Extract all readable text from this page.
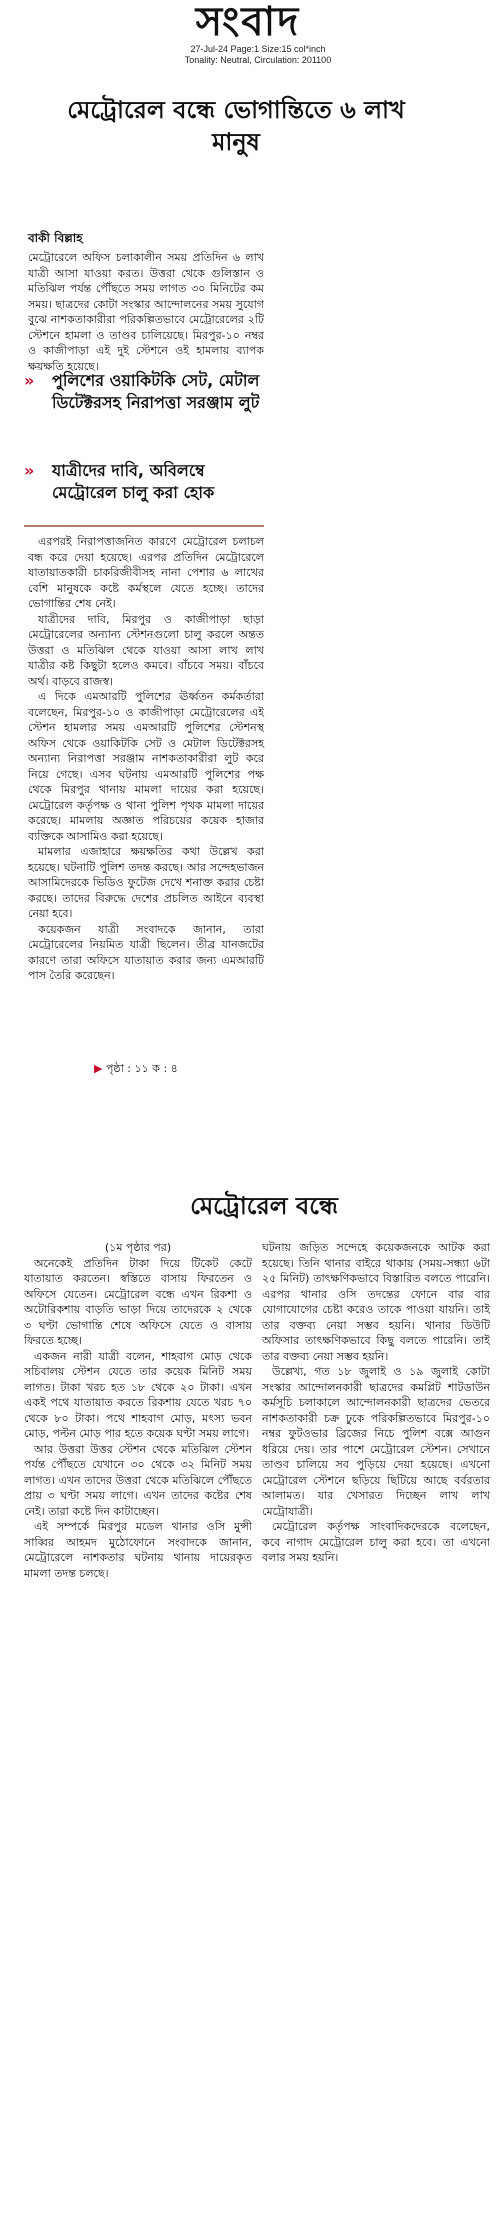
সংবাদ
27-Jul-24 Page:1 Size:15 col*inch
Tonality: Neutral, Circulation: 201100
মেট্রোরেল বন্ধে ভোগান্তিতে ৬ লাখ মানুষ
বাকী বিল্লাহ

মেট্রোরেলে অফিস চলাকালীন সময় প্রতিদিন ৬ লাখ যাত্রী আসা যাওয়া করত। উত্তরা থেকে গুলিস্তান ও মতিঝিল পর্যন্ত পৌঁছতে সময় লাগত ৩০ মিনিটের কম সময়। ছাত্রদের কোটা সংস্কার আন্দোলনের সময় সুযোগ বুঝে নাশকতাকারীরা পরিকল্পিতভাবে মেট্রোরেলের ২টি স্টেশনে হামলা ও তাণ্ডব চালিয়েছে। মিরপুর-১০ নম্বর ও কাজীপাড়া এই দুই স্টেশনে ওই হামলায় ব্যাপক ক্ষয়ক্ষতি হয়েছে।

» পুলিশের ওয়াকিটকি সেট, মেটাল ডিটেক্টরসহ নিরাপত্তা সরঞ্জাম লুট
» যাত্রীদের দাবি, অবিলম্বে মেট্রোরেল চালু করা হোক

এরপরই নিরাপত্তাজনিত কারণে মেট্রোরেল চলাচল বন্ধ করে দেয়া হয়েছে। এরপর প্রতিদিন মেট্রোরেলে যাতায়াতকারী চাকরিজীবীসহ নানা পেশার ৬ লাখের বেশি মানুষকে কষ্টে কর্মস্থলে যেতে হচ্ছে। তাদের ভোগান্তির শেষ নেই।

যাত্রীদের দাবি, মিরপুর ও কাজীপাড়া ছাড়া মেট্রোরেলের অন্যান্য স্টেশনগুলো চালু করলে অন্তত উত্তরা ও মতিঝিল থেকে যাওয়া আসা লাখ লাখ যাত্রীর কষ্ট কিছুটা হলেও কমবে। বাঁচবে সময়। বাঁচবে অর্থ। বাড়বে রাজস্ব।

এ দিকে এমআরটি পুলিশের ঊর্ধ্বতন কর্মকর্তারা বলেছেন, মিরপুর-১০ ও কাজীপাড়া মেট্রোরেলের এই স্টেশন হামলার সময় এমআরটি পুলিশের স্টেশনস্থ অফিস থেকে ওয়াকিটকি সেট ও মেটাল ডিটেক্টরসহ অন্যান্য নিরাপত্তা সরঞ্জাম নাশকতাকারীরা লুট করে নিয়ে গেছে। এসব ঘটনায় এমআরটি পুলিশের পক্ষ থেকে মিরপুর থানায় মামলা দায়ের করা হয়েছে। মেট্রোরেল কর্তৃপক্ষ ও থানা পুলিশ পৃথক মামলা দায়ের করেছে। মামলায় অজ্ঞাত পরিচয়ের কয়েক হাজার ব্যক্তিকে আসামিও করা হয়েছে।

মামলার এজাহারে ক্ষয়ক্ষতির কথা উল্লেখ করা হয়েছে। ঘটনাটি পুলিশ তদন্ত করছে। আর সন্দেহভাজন আসামিদেরকে ভিডিও ফুটেজ দেখে শনাক্ত করার চেষ্টা করছে। তাদের বিরুদ্ধে দেশের প্রচলিত আইনে ব্যবস্থা নেয়া হবে।

কয়েকজন যাত্রী সংবাদকে জানান, তারা মেট্রোরেলের নিয়মিত যাত্রী ছিলেন। তীব্র যানজটের কারণে তারা অফিসে যাতায়াত করার জন্য এমআরটি পাস তৈরি করেছেন।

▶ পৃষ্ঠা : ১১ ক : ৪
মেট্রোরেল বন্ধে

(১ম পৃষ্ঠার পর)

অনেকেই প্রতিদিন টাকা দিয়ে টিকেট কেটে যাতায়াত করতেন। স্বস্তিতে বাসায় ফিরতেন ও অফিসে যেতেন। মেট্রোরেল বন্ধে এখন রিকশা ও অটোরিকশায় বাড়তি ভাড়া দিয়ে তাদেরকে ২ থেকে ৩ ঘণ্টা ভোগান্তি শেষে অফিসে যেতে ও বাসায় ফিরতে হচ্ছে।

একজন নারী যাত্রী বলেন, শাহবাগ মোড় থেকে সচিবালয় স্টেশন যেতে তার কয়েক মিনিট সময় লাগত। টাকা খরচ হত ১৮ থেকে ২০ টাকা। এখন একই পথে যাতায়াত করতে রিকশায় যেতে খরচ ৭০ থেকে ৮০ টাকা। পথে শাহবাগ মোড়, মৎস্য ভবন মোড়, পল্টন মোড় পার হতে কয়েক ঘণ্টা সময় লাগে।

আর উত্তরা উত্তর স্টেশন থেকে মতিঝিল স্টেশন পর্যন্ত পৌঁছতে যেখানে ৩০ থেকে ৩২ মিনিট সময় লাগত। এখন তাদের উত্তরা থেকে মতিঝিলে পৌঁছতে প্রায় ৩ ঘণ্টা সময় লাগে। এখন তাদের কষ্টের শেষ নেই। তারা কষ্টে দিন কাটাচ্ছেন।

এই সম্পর্কে মিরপুর মডেল থানার ওসি মুন্সী সাব্বির আহমদ মুঠোফোনে সংবাদকে জানান, মেট্রোরেলে নাশকতার ঘটনায় থানায় দায়েরকৃত মামলা তদন্ত চলছে।

ঘটনায় জড়িত সন্দেহে কয়েকজনকে আটক করা হয়েছে। তিনি থানার বাইরে থাকায় (সময়-সন্ধ্যা ৬টা ২৫ মিনিট) তাৎক্ষণিকভাবে বিস্তারিত বলতে পারেনি। এরপর থানার ওসি তদন্তের ফোনে বার বার যোগাযোগের চেষ্টা করেও তাকে পাওয়া যায়নি। তাই তার বক্তব্য নেয়া সম্ভব হয়নি। থানার ডিউটি অফিসার তাৎক্ষণিকভাবে কিছু বলতে পারেনি। তাই তার বক্তব্য নেয়া সম্ভব হয়নি।

উল্লেখ্য, গত ১৮ জুলাই ও ১৯ জুলাই কোটা সংস্কার আন্দোলনকারী ছাত্রদের কমপ্লিট শাটডাউন কর্মসূচি চলাকালে আন্দোলনকারী ছাত্রদের ভেতরে নাশকতাকারী চক্র ঢুকে পরিকল্পিতভাবে মিরপুর-১০ নম্বর ফুটওভার ব্রিজের নিচে পুলিশ বক্সে আগুন ধরিয়ে দেয়। তার পাশে মেট্রোরেল স্টেশন। সেখানে তাণ্ডব চালিয়ে সব পুড়িয়ে দেয়া হয়েছে। এখনো মেট্রোরেল স্টেশনে ছড়িয়ে ছিটিয়ে আছে বর্বরতার আলামত। যার খেসারত দিচ্ছেন লাখ লাখ মেট্রোযাত্রী।

মেট্রোরেল কর্তৃপক্ষ সাংবাদিকদেরকে বলেছেন, কবে নাগাদ মেট্রোরেল চালু করা হবে। তা এখনো বলার সময় হয়নি।
